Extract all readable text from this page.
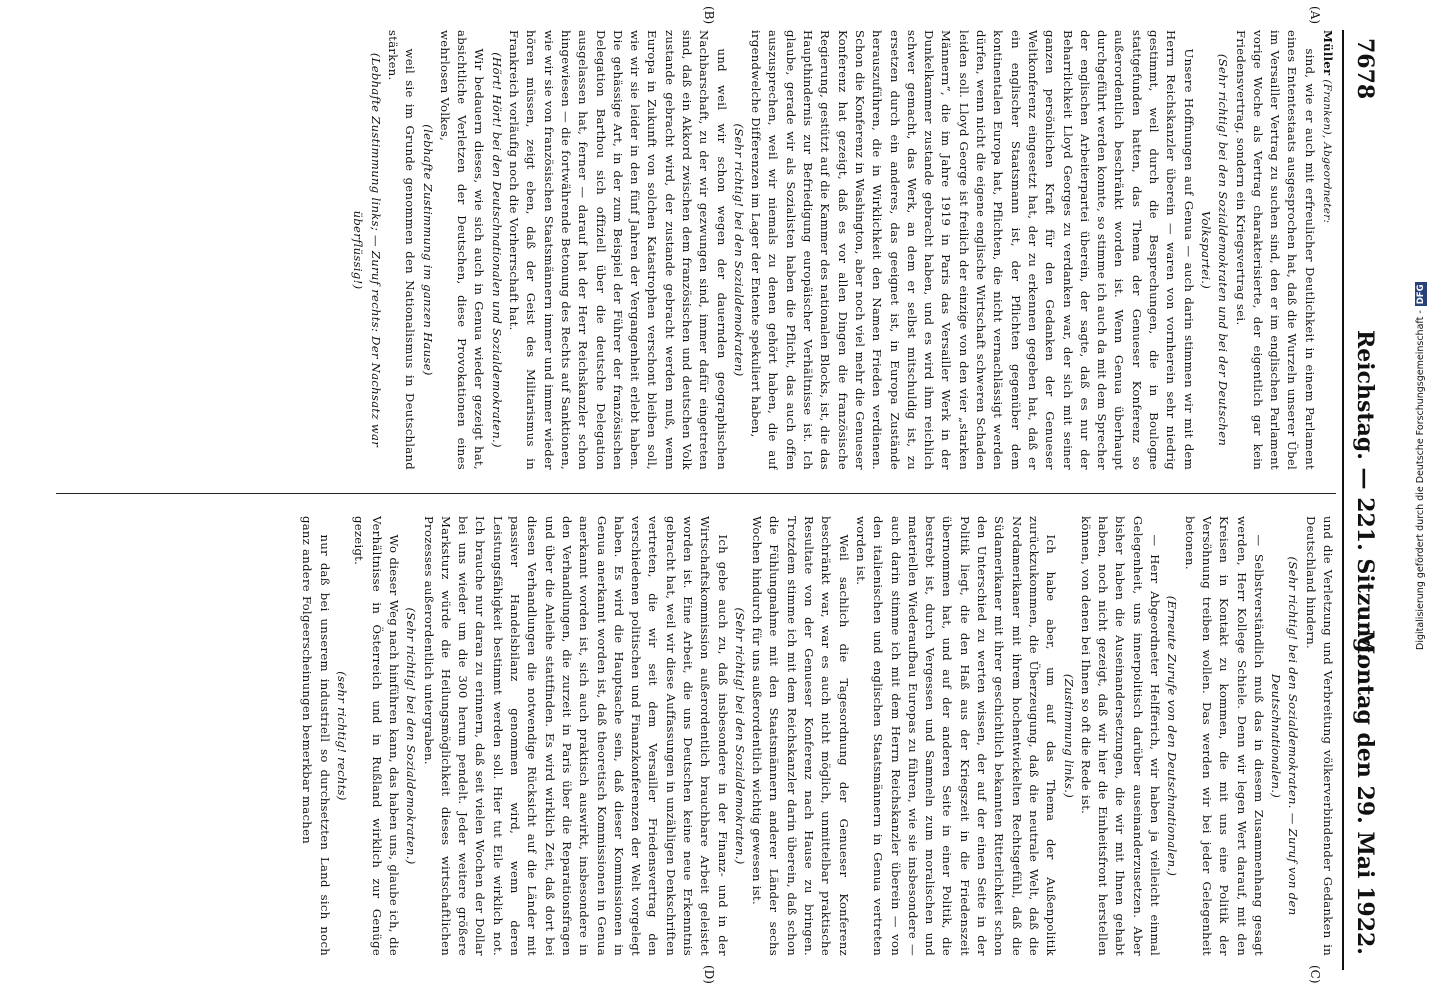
Digitalisierung gefördert durch die Deutsche Forschungsgemeinschaft -DFG
7678
Reichstag. — 221. Sitzung.
Montag den 29. Mai 1922.
(A)
(B)
(C)
(D)

Müller (Franken), Abgeordneter:

sind, wie er auch mit erfreulicher Deutlichkeit in einem Parlament eines Ententestaats ausgesprochen hat, daß die Wurzeln unserer Übel im Versailler Vertrag zu suchen sind, den er im englischen Parlament vorige Woche als Vertrag charakterisierte, der eigentlich gar kein Friedensvertrag, sondern ein Kriegsvertrag sei.

(Sehr richtig! bei den Sozialdemokraten und bei der Deutschen Volkspartei.)

Unsere Hoffnungen auf Genua — auch darin stimmen wir mit dem Herrn Reichskanzler überein — waren von vornherein sehr niedrig gestimmt, weil durch die Besprechungen, die in Boulogne stattgefunden hatten, das Thema der Genueser Konferenz so außerordentlich beschränkt worden ist. Wenn Genua überhaupt durchgeführt werden konnte, so stimme ich auch da mit dem Sprecher der englischen Arbeiterpartei überein, der sagte, daß es nur der Beharrlichkeit Lloyd Georges zu verdanken war, der sich mit seiner ganzen persönlichen Kraft für den Gedanken der Genueser Weltkonferenz eingesetzt hat, der zu erkennen gegeben hat, daß er ein englischer Staatsmann ist, der Pflichten gegenüber dem kontinentalen Europa hat, Pflichten, die nicht vernachlässigt werden dürfen, wenn nicht die eigene englische Wirtschaft schweren Schaden leiden soll. Lloyd George ist freilich der einzige von den vier „starken Männern“, die im Jahre 1919 in Paris das Versailler Werk in der Dunkelkammer zustande gebracht haben, und es wird ihm reichlich schwer gemacht, das Werk, an dem er selbst mitschuldig ist, zu ersetzen durch ein anderes, das geeignet ist, in Europa Zustände herauszuführen, die in Wirklichkeit den Namen Frieden verdienen. Schon die Konferenz in Washington, aber noch viel mehr die Genueser Konferenz hat gezeigt, daß es vor allen Dingen die französische Regierung, gestützt auf die Kammer des nationalen Blocks, ist, die das Haupthindernis zur Befriedigung europäischer Verhältnisse ist. Ich glaube, gerade wir als Sozialisten haben die Pflicht, das auch offen auszusprechen, weil wir niemals zu denen gehört haben, die auf irgendwelche Differenzen im Lager der Entente spekuliert haben,

(Sehr richtig! bei den Sozialdemokraten)

und weil wir schon wegen der dauernden geographischen Nachbarschaft, zu der wir gezwungen sind, immer dafür eingetreten sind, daß ein Akkord zwischen dem französischen und deutschen Volk zustande gebracht wird, der zustande gebracht werden muß, wenn Europa in Zukunft von solchen Katastrophen verschont bleiben soll, wie wir sie leider in den fünf Jahren der Vergangenheit erlebt haben. Die gehässige Art, in der zum Beispiel der Führer der französischen Delegation Barthou sich offiziell über die deutsche Delegation ausgelassen hat, ferner — darauf hat der Herr Reichskanzler schon hingewiesen — die fortwährende Betonung des Rechts auf Sanktionen, wie wir sie von französischen Staatsmännern immer und immer wieder hören müssen, zeigt eben, daß der Geist des Militarismus in Frankreich vorläufig noch die Vorherrschaft hat.

(Hört! Hört! bei den Deutschnationalen und Sozialdemokraten.)

Wir bedauern dieses, wie sich auch in Genua wieder gezeigt hat, absichtliche Verletzen der Deutschen, diese Provokationen eines wehrlosen Volkes,

(lebhafte Zustimmung im ganzen Hause)

weil sie im Grunde genommen den Nationalismus in Deutschland stärken.

(Lebhafte Zustimmung links; — Zuruf rechts: Der Nachsatz war überflüssig!)

und die Verletzung und Verbreitung völkerverbindender Gedanken in Deutschland hindern.

(Sehr richtig! bei den Sozialdemokraten. — Zuruf von den Deutschnationalen.)

— Selbstverständlich muß das in diesem Zusammenhang gesagt werden, Herr Kollege Schiele. Denn wir legen Wert darauf, mit den Kreisen in Kontakt zu kommen, die mit uns eine Politik der Versöhnung treiben wollen. Das werden wir bei jeder Gelegenheit betonen.

(Erneute Zurufe von den Deutschnationalen.)

— Herr Abgeordneter Helfferich, wir haben ja vielleicht einmal Gelegenheit, uns innerpolitisch darüber auseinanderzusetzen. Aber bisher haben die Auseinandersetzungen, die wir mit Ihnen gehabt haben, noch nicht gezeigt, daß wir hier die Einheitsfront herstellen können, von denen bei Ihnen so oft die Rede ist.

(Zustimmung links.)

Ich habe aber, um auf das Thema der Außenpolitik zurückzukommen, die Überzeugung, daß die neutrale Welt, daß die Nordamerikaner mit ihrem hochentwickelten Rechtsgefühl, daß die Südamerikaner mit ihrer geschichtlich bekannten Ritterlichkeit schon den Unterschied zu werten wissen, der auf der einen Seite in der Politik liegt, die den Haß aus der Kriegszeit in die Friedenszeit übernommen hat, und auf der anderen Seite in einer Politik, die bestrebt ist, durch Vergessen und Sammeln zum moralischen und materiellen Wiederaufbau Europas zu führen, wie sie insbesondere — auch darin stimme ich mit dem Herrn Reichskanzler überein — von den italienischen und englischen Staatsmännern in Genua vertreten worden ist.

Weil sachlich die Tagesordnung der Genueser Konferenz beschränkt war, war es auch nicht möglich, unmittelbar praktische Resultate von der Genueser Konferenz nach Hause zu bringen. Trotzdem stimme ich mit dem Reichskanzler darin überein, daß schon die Fühlungnahme mit den Staatsmännern anderer Länder sechs Wochen hindurch für uns außerordentlich wichtig gewesen ist.

(Sehr richtig! bei den Sozialdemokraten.)

Ich gebe auch zu, daß insbesondere in der Finanz- und in der Wirtschaftskommission außerordentlich brauchbare Arbeit geleistet worden ist. Eine Arbeit, die uns Deutschen keine neue Erkenntnis gebracht hat, weil wir diese Auffassungen in unzähligen Denkschriften vertreten, die wir seit dem Versailler Friedensvertrag den verschiedenen politischen und Finanzkonferenzen der Welt vorgelegt haben. Es wird die Hauptsache sein, daß dieser Kommissionen in Genua anerkannt worden ist, daß theoretisch Kommissionen in Genua anerkannt worden ist, sich auch praktisch auswirkt, insbesondere in den Verhandlungen, die zurzeit in Paris über die Reparationsfragen und über die Anleihe stattfinden. Es wird wirklich Zeit, daß dort bei diesen Verhandlungen die notwendige Rücksicht auf die Länder mit passiver Handelsbilanz genommen wird, wenn deren Leistungsfähigkeit bestimmt werden soll. Hier tut Eile wirklich not. Ich brauche nur daran zu erinnern, daß seit vielen Wochen der Dollar bei uns wieder um die 300 herum pendelt. Jeder weitere größere Marksturz würde die Heilungsmöglichkeit dieses wirtschaftlichen Prozesses außerordentlich untergraben.

(Sehr richtig! bei den Sozialdemokraten.)

Wo dieser Weg nach hinführen kann, das haben uns, glaube ich, die Verhältnisse in Österreich und in Rußland wirklich zur Genüge gezeigt.

(sehr richtig! rechts)

nur daß bei unserem industriell so durchsetzten Land sich noch ganz andere Folgeerscheinungen bemerkbar machen
